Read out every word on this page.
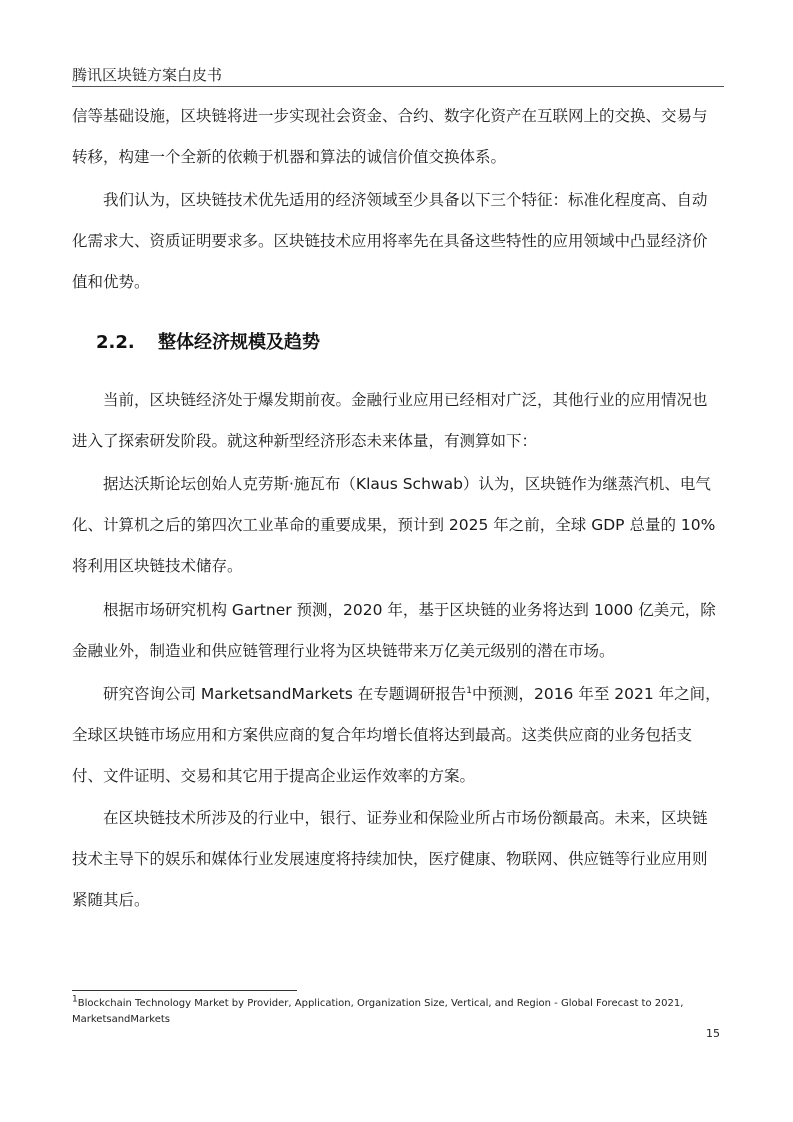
腾讯区块链方案白皮书

信等基础设施，区块链将进一步实现社会资金、合约、数字化资产在互联网上的交换、交易与
转移，构建一个全新的依赖于机器和算法的诚信价值交换体系。

我们认为，区块链技术优先适用的经济领域至少具备以下三个特征：标准化程度高、自动
化需求大、资质证明要求多。区块链技术应用将率先在具备这些特性的应用领域中凸显经济价
值和优势。

2.2. 整体经济规模及趋势

当前，区块链经济处于爆发期前夜。金融行业应用已经相对广泛，其他行业的应用情况也
进入了探索研发阶段。就这种新型经济形态未来体量，有测算如下：

据达沃斯论坛创始人克劳斯·施瓦布（Klaus Schwab）认为，区块链作为继蒸汽机、电气
化、计算机之后的第四次工业革命的重要成果，预计到 2025 年之前，全球 GDP 总量的 10%
将利用区块链技术储存。

根据市场研究机构 Gartner 预测，2020 年，基于区块链的业务将达到 1000 亿美元，除
金融业外，制造业和供应链管理行业将为区块链带来万亿美元级别的潜在市场。

研究咨询公司 MarketsandMarkets 在专题调研报告$^1$中预测，2016 年至 2021 年之间，
全球区块链市场应用和方案供应商的复合年均增长值将达到最高。这类供应商的业务包括支
付、文件证明、交易和其它用于提高企业运作效率的方案。

在区块链技术所涉及的行业中，银行、证券业和保险业所占市场份额最高。未来，区块链
技术主导下的娱乐和媒体行业发展速度将持续加快，医疗健康、物联网、供应链等行业应用则
紧随其后。

$^1$Blockchain Technology Market by Provider, Application, Organization Size, Vertical, and Region - Global Forecast to 2021, MarketsandMarkets
15
